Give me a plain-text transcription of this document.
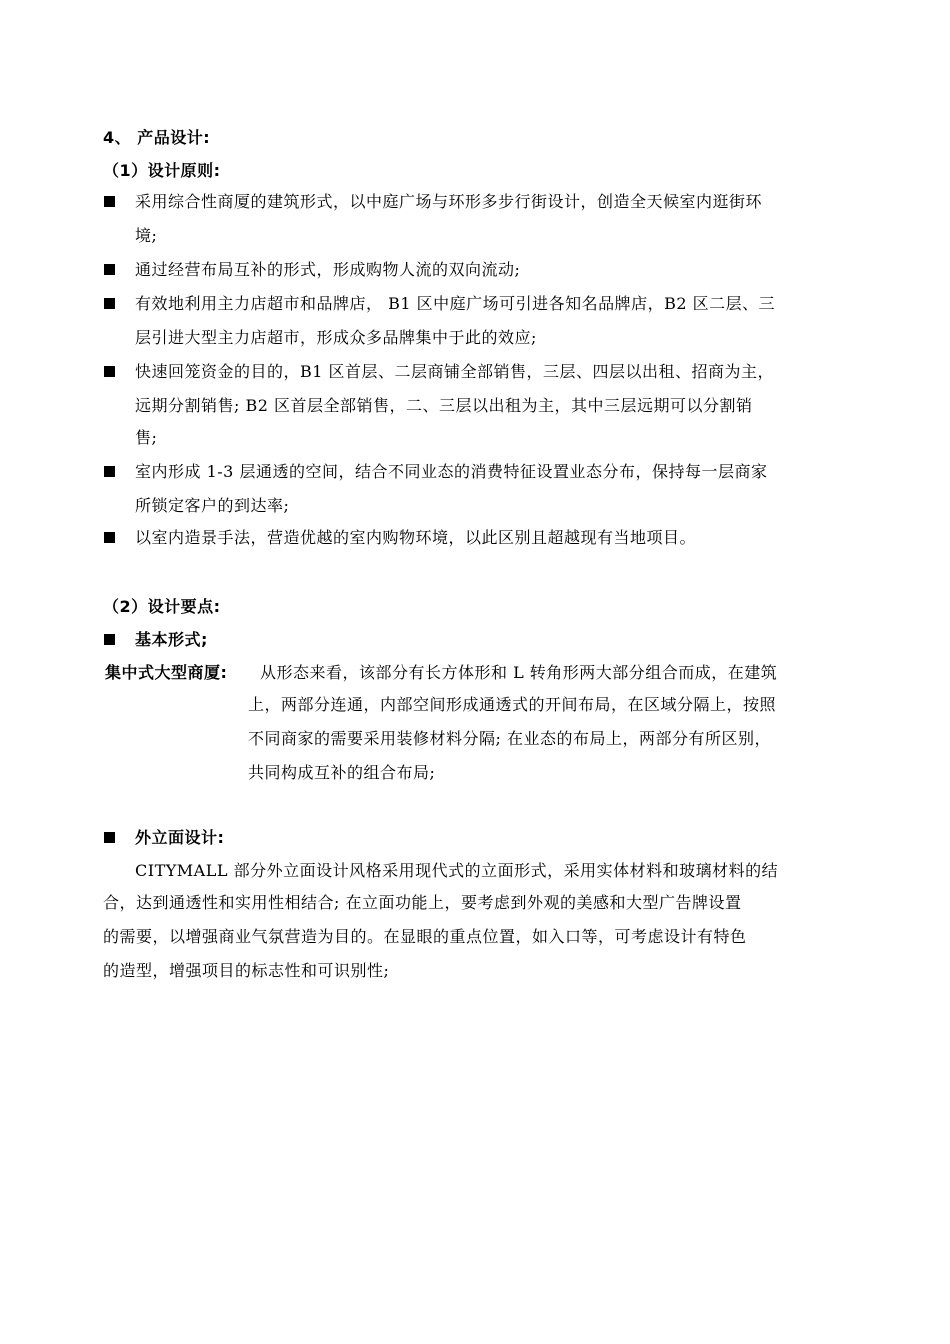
4、 产品设计:
（1）设计原则:
采用综合性商厦的建筑形式，以中庭广场与环形多步行街设计，创造全天候室内逛街环
境;
通过经营布局互补的形式，形成购物人流的双向流动;
有效地利用主力店超市和品牌店， B1 区中庭广场可引进各知名品牌店，B2 区二层、三
层引进大型主力店超市，形成众多品牌集中于此的效应;
快速回笼资金的目的，B1 区首层、二层商铺全部销售，三层、四层以出租、招商为主，
远期分割销售; B2 区首层全部销售，二、三层以出租为主，其中三层远期可以分割销
售;
室内形成 1-3 层通透的空间，结合不同业态的消费特征设置业态分布，保持每一层商家
所锁定客户的到达率;
以室内造景手法，营造优越的室内购物环境，以此区别且超越现有当地项目。
（2）设计要点:
基本形式;
集中式大型商厦: 从形态来看，该部分有长方体形和 L 转角形两大部分组合而成，在建筑
上，两部分连通，内部空间形成通透式的开间布局，在区域分隔上，按照
不同商家的需要采用装修材料分隔; 在业态的布局上，两部分有所区别，
共同构成互补的组合布局;
外立面设计:
CITYMALL 部分外立面设计风格采用现代式的立面形式，采用实体材料和玻璃材料的结
合，达到通透性和实用性相结合; 在立面功能上，要考虑到外观的美感和大型广告牌设置
的需要，以增强商业气氛营造为目的。在显眼的重点位置，如入口等，可考虑设计有特色
的造型，增强项目的标志性和可识别性;
